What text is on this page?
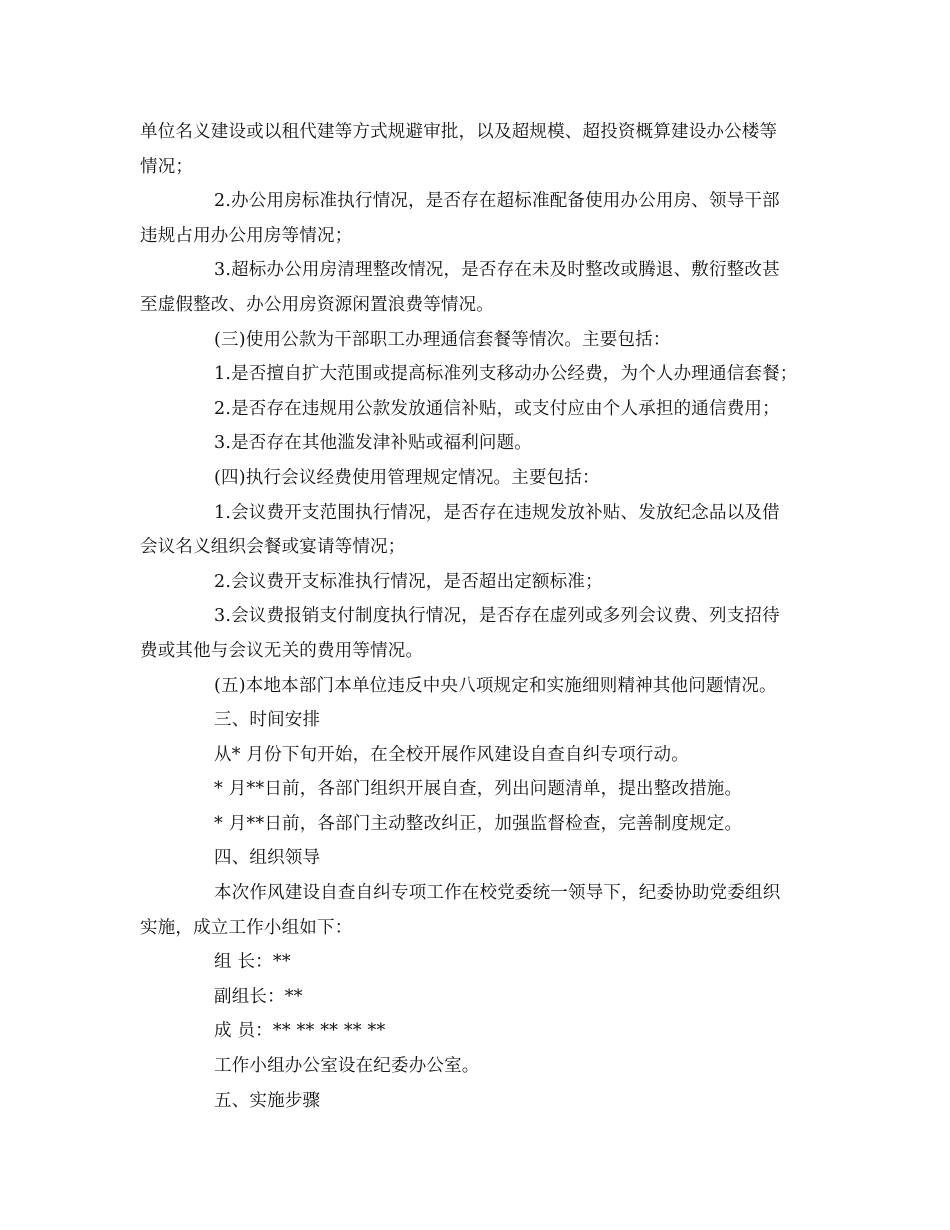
单位名义建设或以租代建等方式规避审批，以及超规模、超投资概算建设办公楼等
情况；
2.办公用房标准执行情况，是否存在超标准配备使用办公用房、领导干部
违规占用办公用房等情况；
3.超标办公用房清理整改情况，是否存在未及时整改或腾退、敷衍整改甚
至虚假整改、办公用房资源闲置浪费等情况。
(三)使用公款为干部职工办理通信套餐等情次。主要包括：
1.是否擅自扩大范围或提高标准列支移动办公经费，为个人办理通信套餐；
2.是否存在违规用公款发放通信补贴，或支付应由个人承担的通信费用；
3.是否存在其他滥发津补贴或福利问题。
(四)执行会议经费使用管理规定情况。主要包括：
1.会议费开支范围执行情况，是否存在违规发放补贴、发放纪念品以及借
会议名义组织会餐或宴请等情况；
2.会议费开支标准执行情况，是否超出定额标准；
3.会议费报销支付制度执行情况，是否存在虚列或多列会议费、列支招待
费或其他与会议无关的费用等情况。
(五)本地本部门本单位违反中央八项规定和实施细则精神其他问题情况。
三、时间安排
从* 月份下旬开始，在全校开展作风建设自查自纠专项行动。
* 月**日前，各部门组织开展自查，列出问题清单，提出整改措施。
* 月**日前，各部门主动整改纠正，加强监督检查，完善制度规定。
四、组织领导
本次作风建设自查自纠专项工作在校党委统一领导下，纪委协助党委组织
实施，成立工作小组如下：
组 长：**
副组长：**
成 员：** ** ** ** **
工作小组办公室设在纪委办公室。
五、实施步骤
